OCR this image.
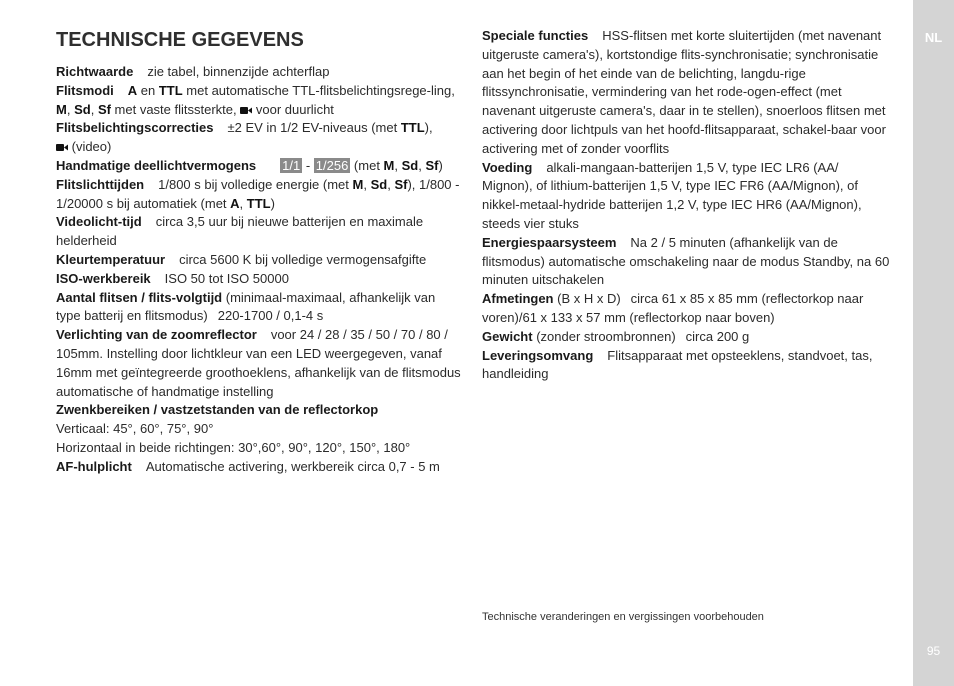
NL
95
TECHNISCHE GEGEVENS

Richtwaarde zie tabel, binnenzijde achterflap

Flitsmodi A en TTL met automatische TTL-flitsbelichtingsrege-ling, M, Sd, Sf met vaste flitssterkte,  voor duurlicht

Flitsbelichtingscorrecties ±2 EV in 1/2 EV-niveaus (met TTL),
(video)

Handmatige deellichtvermogens 1/1 - 1/256 (met M, Sd, Sf)

Flitslichttijden 1/800 s bij volledige energie (met M, Sd, Sf), 1/800 - 1/20000 s bij automatiek (met A, TTL)

Videolicht-tijd circa 3,5 uur bij nieuwe batterijen en maximale helderheid

Kleurtemperatuur circa 5600 K bij volledige vermogensafgifte

ISO-werkbereik ISO 50 tot ISO 50000

Aantal flitsen / flits-volgtijd (minimaal-maximaal, afhankelijk van type batterij en flitsmodus) 220-1700 / 0,1-4 s

Verlichting van de zoomreflector voor 24 / 28 / 35 / 50 / 70 / 80 / 105mm. Instelling door lichtkleur van een LED weergegeven, vanaf 16mm met geïntegreerde groothoeklens, afhankelijk van de flitsmodus automatische of handmatige instelling

Zwenkbereiken / vastzetstanden van de reflectorkop
Verticaal: 45°, 60°, 75°, 90°
Horizontaal in beide richtingen: 30°,60°, 90°, 120°, 150°, 180°

AF-hulplicht Automatische activering, werkbereik circa 0,7 - 5 m

Speciale functies HSS-flitsen met korte sluitertijden (met navenant uitgeruste camera's), kortstondige flits-synchronisatie; synchronisatie aan het begin of het einde van de belichting, langdu-rige flitssynchronisatie, vermindering van het rode-ogen-effect (met navenant uitgeruste camera's, daar in te stellen), snoerloos flitsen met activering door lichtpuls van het hoofd-flitsapparaat, schakel-baar voor activering met of zonder voorflits

Voeding alkali-mangaan-batterijen 1,5 V, type IEC LR6 (AA/ Mignon), of lithium-batterijen 1,5 V, type IEC FR6 (AA/Mignon), of nikkel-metaal-hydride batterijen 1,2 V, type IEC HR6 (AA/Mignon), steeds vier stuks

Energiespaarsysteem Na 2 / 5 minuten (afhankelijk van de flitsmodus) automatische omschakeling naar de modus Standby, na 60 minuten uitschakelen

Afmetingen (B x H x D) circa 61 x 85 x 85 mm (reflectorkop naar voren)/61 x 133 x 57 mm (reflectorkop naar boven)

Gewicht (zonder stroombronnen) circa 200 g

Leveringsomvang Flitsapparaat met opsteeklens, standvoet, tas, handleiding

Technische veranderingen en vergissingen voorbehouden
